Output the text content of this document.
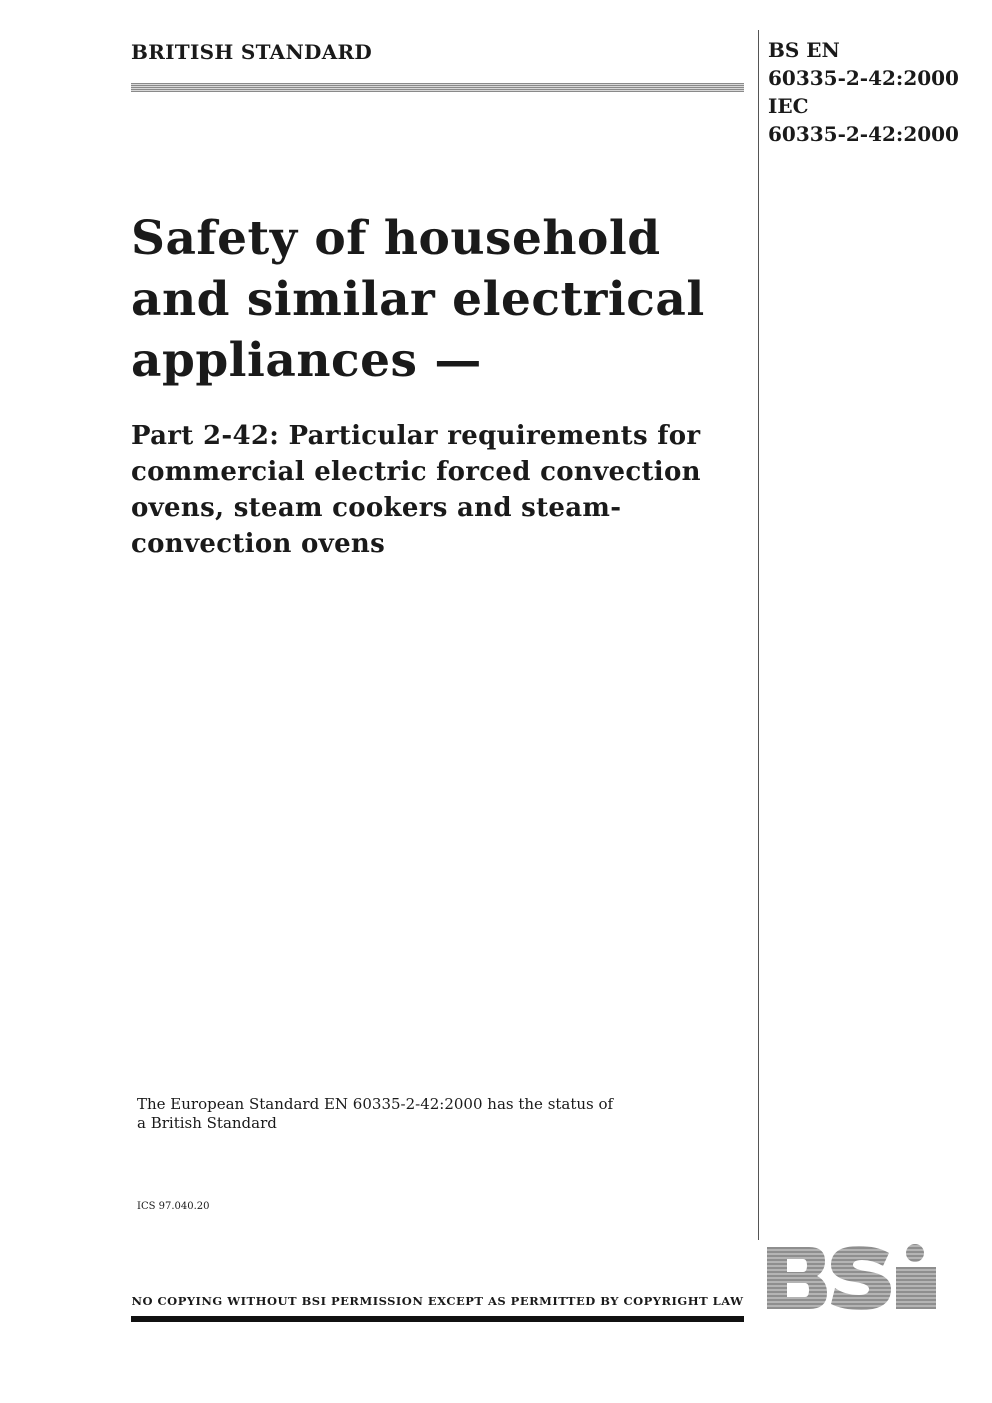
BRITISH STANDARD	BS EN
60335-2-42:2000
IEC
60335-2-42:2000
Safety of household and similar electrical appliances —
Part 2-42: Particular requirements for commercial electric forced convection ovens, steam cookers and steam-convection ovens
The European Standard EN 60335-2-42:2000 has the status of a British Standard
ICS 97.040.20
NO COPYING WITHOUT BSI PERMISSION EXCEPT AS PERMITTED BY COPYRIGHT LAW
